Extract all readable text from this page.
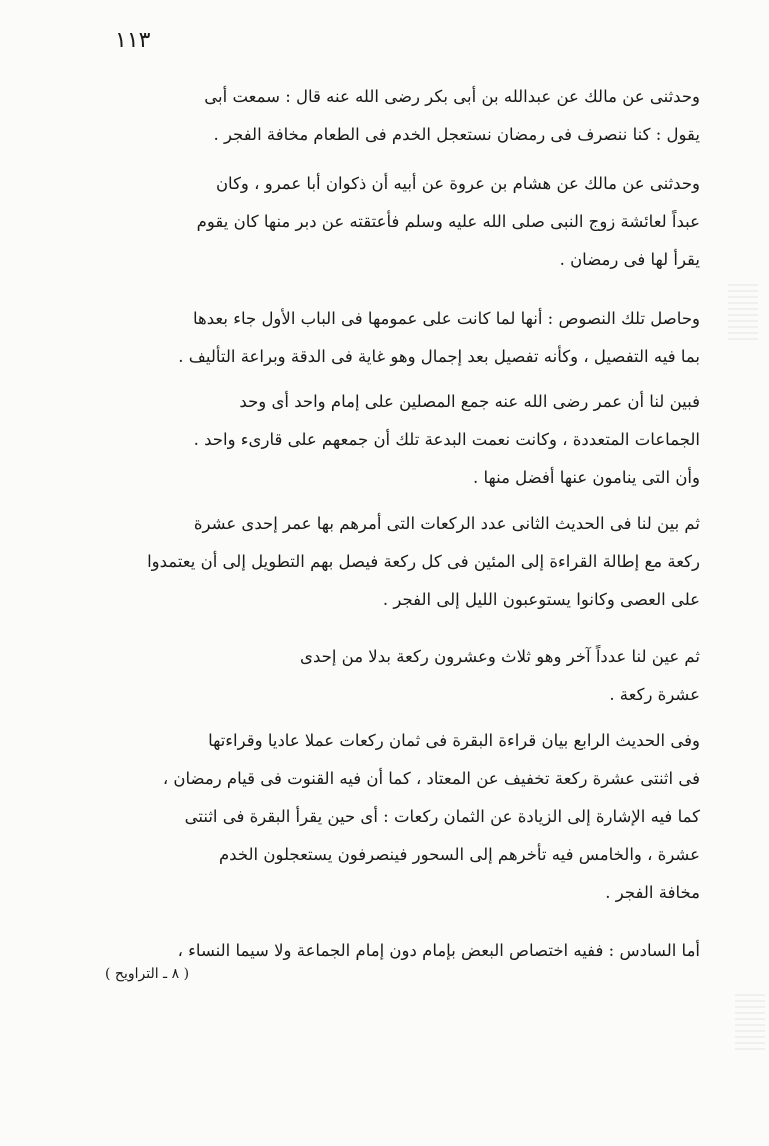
١١٣
وحدثنى عن مالك عن عبدالله بن أبى بكر رضى الله عنه قال : سمعت أبى
يقول : كنا ننصرف فى رمضان نستعجل الخدم فى الطعام مخافة الفجر .
وحدثنى عن مالك عن هشام بن عروة عن أبيه أن ذكوان أبا عمرو ، وكان
عبداً لعائشة زوج النبى صلى الله عليه وسلم فأعتقته عن دبر منها كان يقوم
يقرأ لها فى رمضان .
وحاصل تلك النصوص : أنها لما كانت على عمومها فى الباب الأول جاء بعدها
بما فيه التفصيل ، وكأنه تفصيل بعد إجمال وهو غاية فى الدقة وبراعة التأليف .
فبين لنا أن عمر رضى الله عنه جمع المصلين على إمام واحد أى وحد
الجماعات المتعددة ، وكانت نعمت البدعة تلك أن جمعهم على قارىء واحد .
وأن التى ينامون عنها أفضل منها .
ثم بين لنا فى الحديث الثانى عدد الركعات التى أمرهم بها عمر إحدى عشرة
ركعة مع إطالة القراءة إلى المئين فى كل ركعة فيصل بهم التطويل إلى أن يعتمدوا
على العصى وكانوا يستوعبون الليل إلى الفجر .
ثم عين لنا عدداً آخر وهو ثلاث وعشرون ركعة بدلا من إحدى
عشرة ركعة .
وفى الحديث الرابع بيان قراءة البقرة فى ثمان ركعات عملا عاديا وقراءتها
فى اثنتى عشرة ركعة تخفيف عن المعتاد ، كما أن فيه القنوت فى قيام رمضان ،
كما فيه الإشارة إلى الزيادة عن الثمان ركعات : أى حين يقرأ البقرة فى اثنتى
عشرة ، والخامس فيه تأخرهم إلى السحور فينصرفون يستعجلون الخدم
مخافة الفجر .
أما السادس : ففيه اختصاص البعض بإمام دون إمام الجماعة ولا سيما النساء ،
( ٨ ـ التراويح )
